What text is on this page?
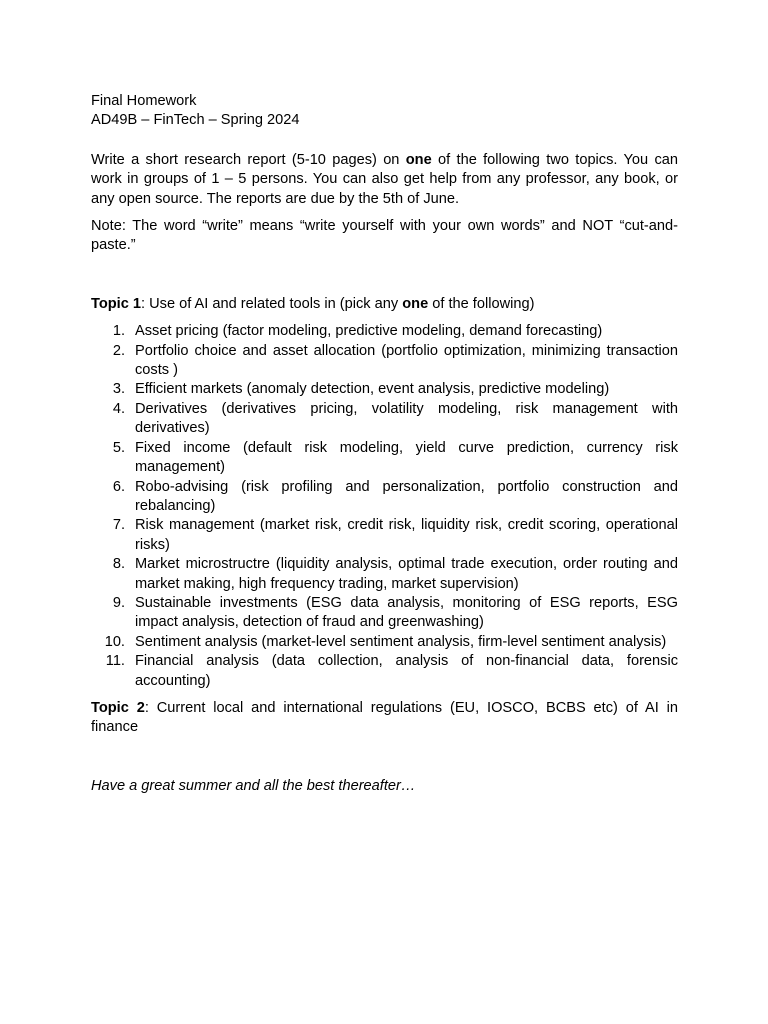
Final Homework

AD49B – FinTech – Spring 2024

Write a short research report (5-10 pages) on one of the following two topics. You can work in groups of 1 – 5 persons. You can also get help from any professor, any book, or any open source. The reports are due by the 5th of June.

Note: The word “write” means “write yourself with your own words” and NOT “cut-and-paste.”

Topic 1: Use of AI and related tools in (pick any one of the following)

1. Asset pricing (factor modeling, predictive modeling, demand forecasting)
2. Portfolio choice and asset allocation (portfolio optimization, minimizing transaction costs )
3. Efficient markets (anomaly detection, event analysis, predictive modeling)
4. Derivatives (derivatives pricing, volatility modeling, risk management with derivatives)
5. Fixed income (default risk modeling, yield curve prediction, currency risk management)
6. Robo-advising (risk profiling and personalization, portfolio construction and rebalancing)
7. Risk management (market risk, credit risk, liquidity risk, credit scoring, operational risks)
8. Market microstructre (liquidity analysis, optimal trade execution, order routing and market making, high frequency trading, market supervision)
9. Sustainable investments (ESG data analysis, monitoring of ESG reports, ESG impact analysis, detection of fraud and greenwashing)
10. Sentiment analysis (market-level sentiment analysis, firm-level sentiment analysis)
11. Financial analysis (data collection, analysis of non-financial data, forensic accounting)

Topic 2: Current local and international regulations (EU, IOSCO, BCBS etc) of AI in finance

Have a great summer and all the best thereafter…
